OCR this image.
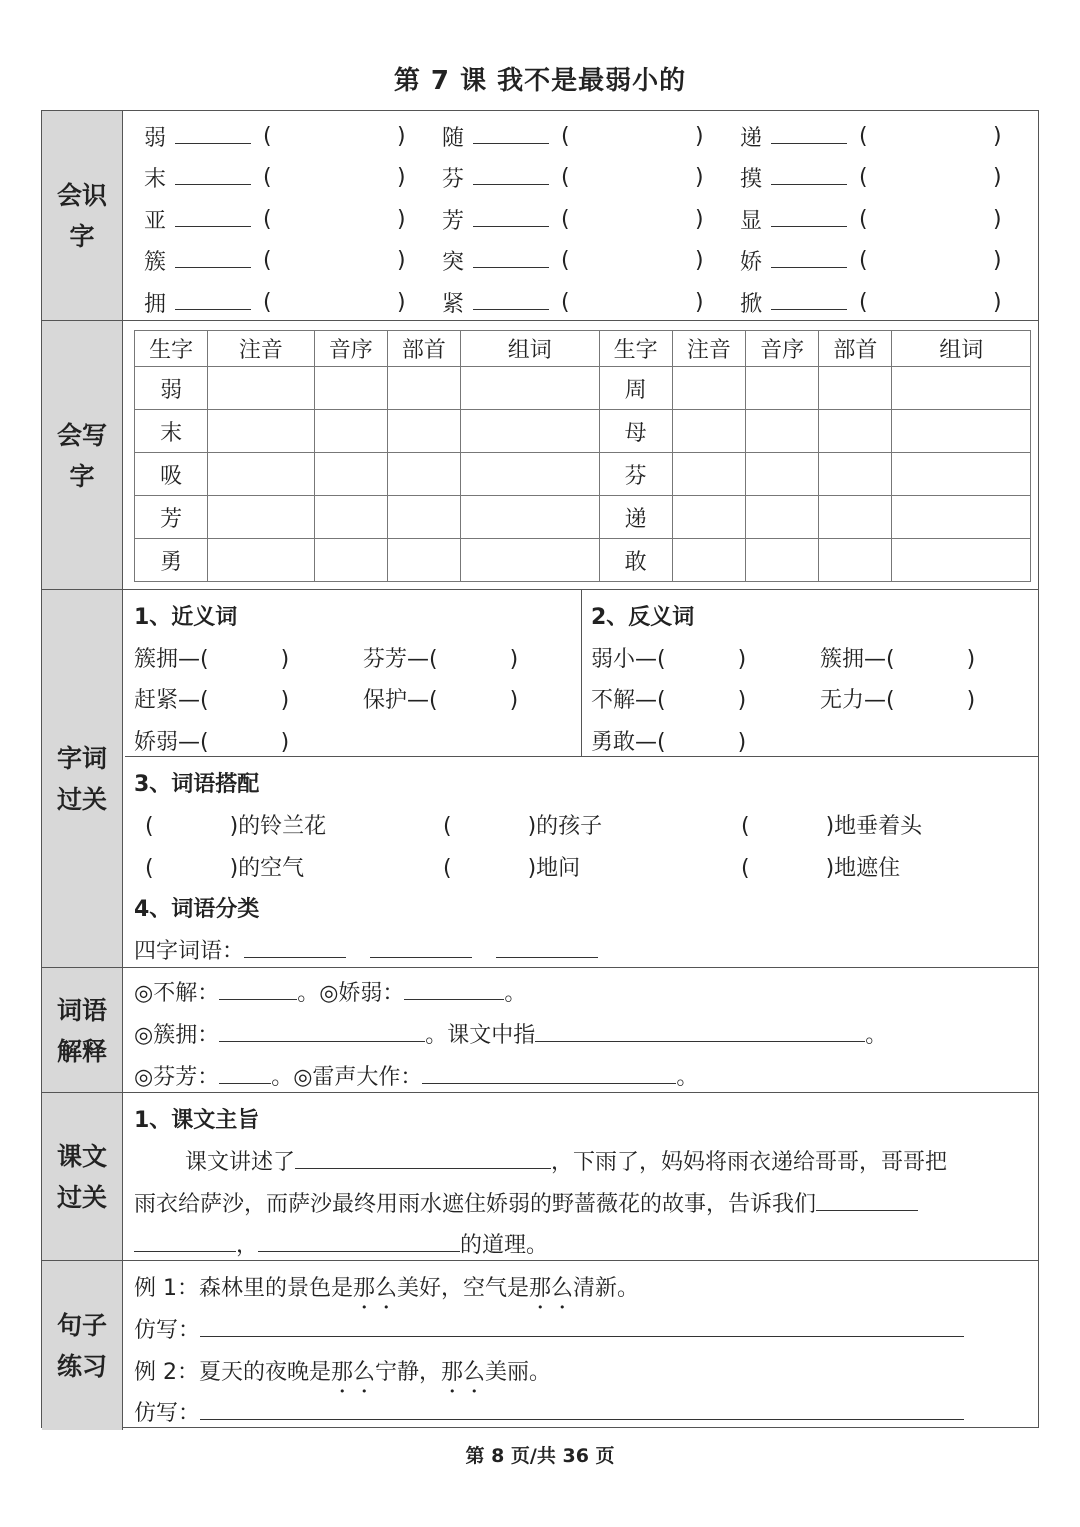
第 7 课 我不是最弱小的
会识字
弱	(	)	随	(	)	递	(	)
末	(	)	芬	(	)	摸	(	)
亚	(	)	芳	(	)	显	(	)
簇	(	)	突	(	)	娇	(	)
拥	(	)	紧	(	)	掀	(	)
会写字
生字	注音	音序	部首	组词	生字	注音	音序	部首	组词
弱					周				
末					母				
吸					芬				
芳					递				
勇					敢				
字词过关
1、近义词
簇拥—(	)	芬芳—(	)
赶紧—(	)	保护—(	)
娇弱—(	)
2、反义词
弱小—(	)	簇拥—(	)
不解—(	)	无力—(	)
勇敢—(	)
3、词语搭配
(	)的铃兰花	(	)的孩子	(	)地垂着头
(	)的空气	(	)地问	(	)地遮住
4、词语分类
四字词语：
词语解释
◎不解：	。◎娇弱：	。
◎簇拥：	。课文中指	。
◎芬芳： 。◎雷声大作：	。
课文过关
1、课文主旨
课文讲述了	，下雨了，妈妈将雨衣递给哥哥，哥哥把
雨衣给萨沙，而萨沙最终用雨水遮住娇弱的野蔷薇花的故事，告诉我们
，	的道理。
句子练习
例 1：森林里的景色是那么美好，空气是那么清新。
仿写：
例 2：夏天的夜晚是那么宁静，那么美丽。
仿写：
第 8 页/共 36 页
